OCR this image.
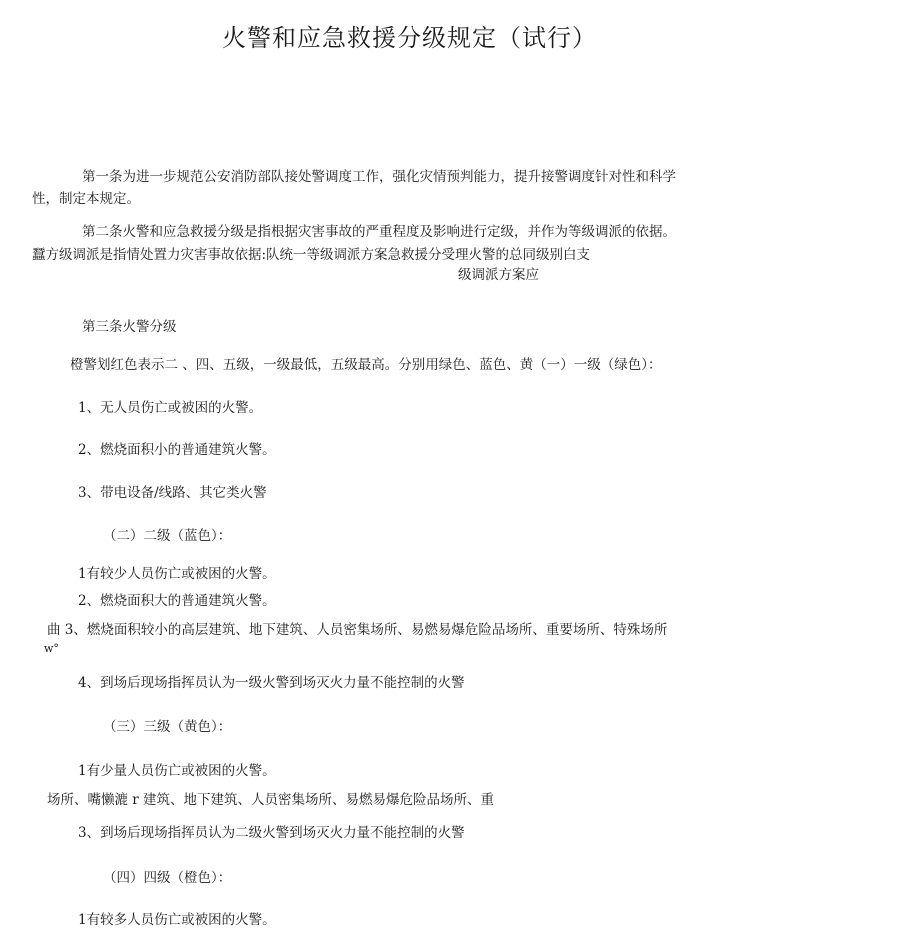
火警和应急救援分级规定（试行）
第一条为进一步规范公安消防部队接处警调度工作，强化灾情预判能力，提升接警调度针对性和科学
性，制定本规定。
第二条火警和应急救援分级是指根据灾害事故的严重程度及影响进行定级，并作为等级调派的依据。
蠶方级调派是指情处置力灾害事故依据:队统一等级调派方案急救援分受理火警的总同级别白支
级调派方案应
第三条火警分级
橙警划红色表示二 、四、五级，一级最低，五级最高。分别用绿色、蓝色、黄（一）一级（绿色）：
1、无人员伤亡或被困的火警。
2、燃烧面积小的普通建筑火警。
3、带电设备/线路、其它类火警
（二）二级（蓝色）：
1有较少人员伤亡或被困的火警。
2、燃烧面积大的普通建筑火警。
曲 3、燃烧面积较小的高层建筑、地下建筑、人员密集场所、易燃易爆危险品场所、重要场所、特殊场所
w°
4、到场后现场指挥员认为一级火警到场灭火力量不能控制的火警
（三）三级（黄色）：
1有少量人员伤亡或被困的火警。
场所、嘴懒漉 r 建筑、地下建筑、人员密集场所、易燃易爆危险品场所、重
3、到场后现场指挥员认为二级火警到场灭火力量不能控制的火警
（四）四级（橙色）：
1有较多人员伤亡或被困的火警。
